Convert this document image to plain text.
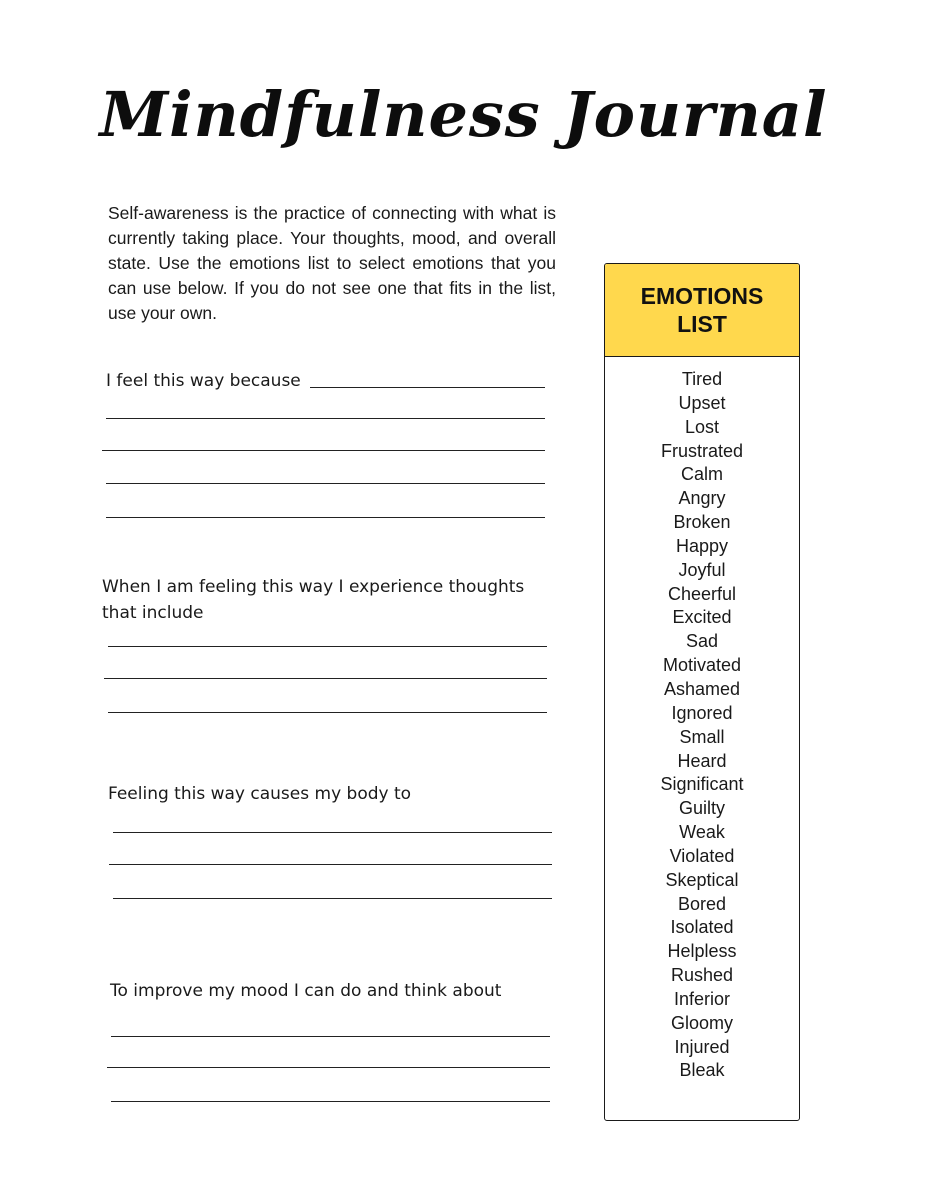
Mindfulness Journal
Self-awareness is the practice of connecting with what is currently taking place. Your thoughts, mood, and overall state. Use the emotions list to select emotions that you can use below. If you do not see one that fits in the list, use your own.
I feel this way because
When I am feeling this way I experience thoughts that include
Feeling this way causes my body to
To improve my mood I can do and think about
EMOTIONS LIST
Tired
Upset
Lost
Frustrated
Calm
Angry
Broken
Happy
Joyful
Cheerful
Excited
Sad
Motivated
Ashamed
Ignored
Small
Heard
Significant
Guilty
Weak
Violated
Skeptical
Bored
Isolated
Helpless
Rushed
Inferior
Gloomy
Injured
Bleak
